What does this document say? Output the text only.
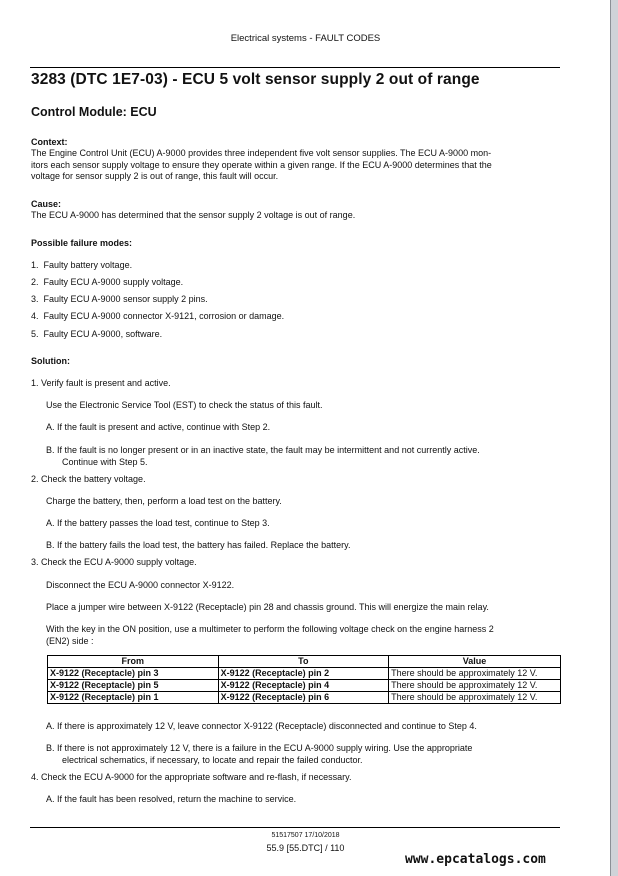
Electrical systems - FAULT CODES
3283 (DTC 1E7-03) - ECU 5 volt sensor supply 2 out of range
Control Module: ECU
Context:
The Engine Control Unit (ECU) A-9000 provides three independent five volt sensor supplies. The ECU A-9000 mon-
itors each sensor supply voltage to ensure they operate within a given range. If the ECU A-9000 determines that the
voltage for sensor supply 2 is out of range, this fault will occur.
Cause:
The ECU A-9000 has determined that the sensor supply 2 voltage is out of range.
Possible failure modes:
1. Faulty battery voltage.
2. Faulty ECU A-9000 supply voltage.
3. Faulty ECU A-9000 sensor supply 2 pins.
4. Faulty ECU A-9000 connector X-9121, corrosion or damage.
5. Faulty ECU A-9000, software.
Solution:
1. Verify fault is present and active.
Use the Electronic Service Tool (EST) to check the status of this fault.
A. If the fault is present and active, continue with Step 2.
B. If the fault is no longer present or in an inactive state, the fault may be intermittent and not currently active.
Continue with Step 5.
2. Check the battery voltage.
Charge the battery, then, perform a load test on the battery.
A. If the battery passes the load test, continue to Step 3.
B. If the battery fails the load test, the battery has failed. Replace the battery.
3. Check the ECU A-9000 supply voltage.
Disconnect the ECU A-9000 connector X-9122.
Place a jumper wire between X-9122 (Receptacle) pin 28 and chassis ground. This will energize the main relay.
With the key in the ON position, use a multimeter to perform the following voltage check on the engine harness 2
(EN2) side :
From	To	Value
X-9122 (Receptacle) pin 3	X-9122 (Receptacle) pin 2	There should be approximately 12 V.
X-9122 (Receptacle) pin 5	X-9122 (Receptacle) pin 4	There should be approximately 12 V.
X-9122 (Receptacle) pin 1	X-9122 (Receptacle) pin 6	There should be approximately 12 V.
A. If there is approximately 12 V, leave connector X-9122 (Receptacle) disconnected and continue to Step 4.
B. If there is not approximately 12 V, there is a failure in the ECU A-9000 supply wiring. Use the appropriate
electrical schematics, if necessary, to locate and repair the failed conductor.
4. Check the ECU A-9000 for the appropriate software and re-flash, if necessary.
A. If the fault has been resolved, return the machine to service.
51517507 17/10/2018
55.9 [55.DTC] / 110
www.epcatalogs.com
